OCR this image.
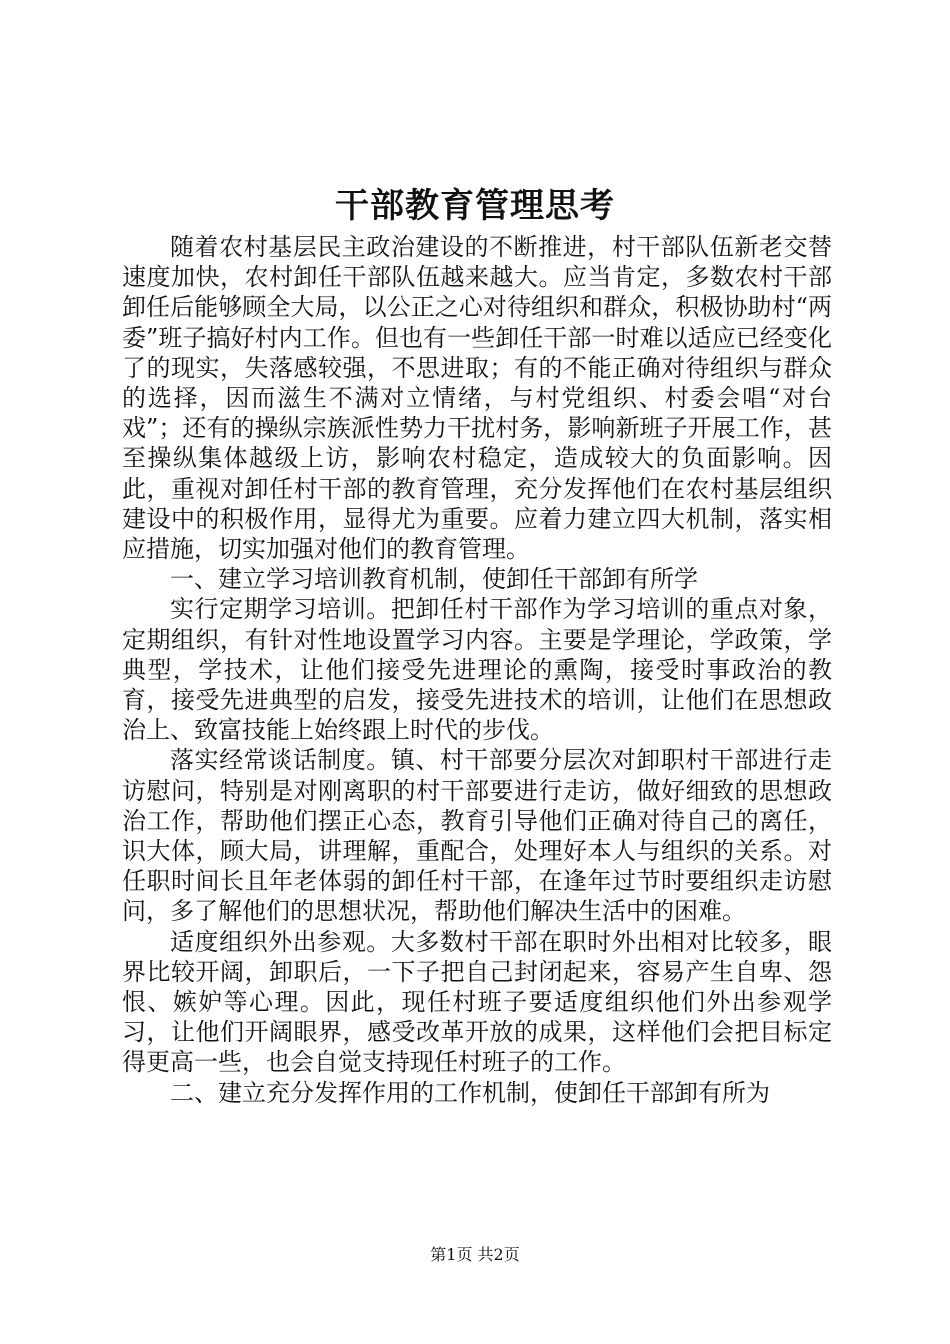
干部教育管理思考

随着农村基层民主政治建设的不断推进，村干部队伍新老交替速度加快，农村卸任干部队伍越来越大。应当肯定，多数农村干部卸任后能够顾全大局，以公正之心对待组织和群众，积极协助村“两委”班子搞好村内工作。但也有一些卸任干部一时难以适应已经变化了的现实，失落感较强，不思进取；有的不能正确对待组织与群众的选择，因而滋生不满对立情绪，与村党组织、村委会唱“对台戏”；还有的操纵宗族派性势力干扰村务，影响新班子开展工作，甚至操纵集体越级上访，影响农村稳定，造成较大的负面影响。因此，重视对卸任村干部的教育管理，充分发挥他们在农村基层组织建设中的积极作用，显得尤为重要。应着力建立四大机制，落实相应措施，切实加强对他们的教育管理。

一、建立学习培训教育机制，使卸任干部卸有所学

实行定期学习培训。把卸任村干部作为学习培训的重点对象，定期组织，有针对性地设置学习内容。主要是学理论，学政策，学典型，学技术，让他们接受先进理论的熏陶，接受时事政治的教育，接受先进典型的启发，接受先进技术的培训，让他们在思想政治上、致富技能上始终跟上时代的步伐。

落实经常谈话制度。镇、村干部要分层次对卸职村干部进行走访慰问，特别是对刚离职的村干部要进行走访，做好细致的思想政治工作，帮助他们摆正心态，教育引导他们正确对待自己的离任，识大体，顾大局，讲理解，重配合，处理好本人与组织的关系。对任职时间长且年老体弱的卸任村干部，在逢年过节时要组织走访慰问，多了解他们的思想状况，帮助他们解决生活中的困难。

适度组织外出参观。大多数村干部在职时外出相对比较多，眼界比较开阔，卸职后，一下子把自己封闭起来，容易产生自卑、怨恨、嫉妒等心理。因此，现任村班子要适度组织他们外出参观学习，让他们开阔眼界，感受改革开放的成果，这样他们会把目标定得更高一些，也会自觉支持现任村班子的工作。

二、建立充分发挥作用的工作机制，使卸任干部卸有所为

第1页 共2页
